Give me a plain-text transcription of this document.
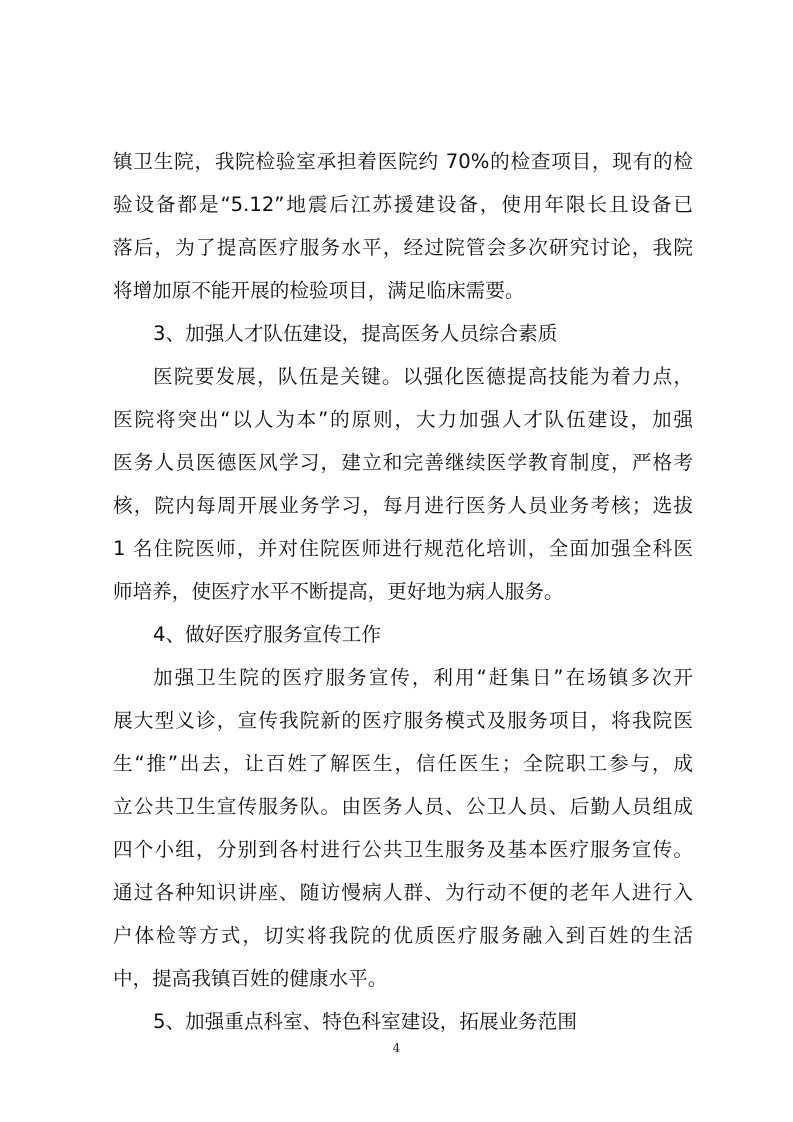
镇卫生院，我院检验室承担着医院约 70%的检查项目，现有的检
验设备都是“5.12”地震后江苏援建设备，使用年限长且设备已
落后，为了提高医疗服务水平，经过院管会多次研究讨论，我院
将增加原不能开展的检验项目，满足临床需要。
3、加强人才队伍建设，提高医务人员综合素质
医院要发展，队伍是关键。以强化医德提高技能为着力点，
医院将突出“以人为本”的原则，大力加强人才队伍建设，加强
医务人员医德医风学习，建立和完善继续医学教育制度，严格考
核，院内每周开展业务学习，每月进行医务人员业务考核；选拔
1 名住院医师，并对住院医师进行规范化培训，全面加强全科医
师培养，使医疗水平不断提高，更好地为病人服务。
4、做好医疗服务宣传工作
加强卫生院的医疗服务宣传，利用“赶集日”在场镇多次开
展大型义诊，宣传我院新的医疗服务模式及服务项目，将我院医
生“推”出去，让百姓了解医生，信任医生；全院职工参与，成
立公共卫生宣传服务队。由医务人员、公卫人员、后勤人员组成
四个小组，分别到各村进行公共卫生服务及基本医疗服务宣传。
通过各种知识讲座、随访慢病人群、为行动不便的老年人进行入
户体检等方式，切实将我院的优质医疗服务融入到百姓的生活
中，提高我镇百姓的健康水平。
5、加强重点科室、特色科室建设，拓展业务范围
4
